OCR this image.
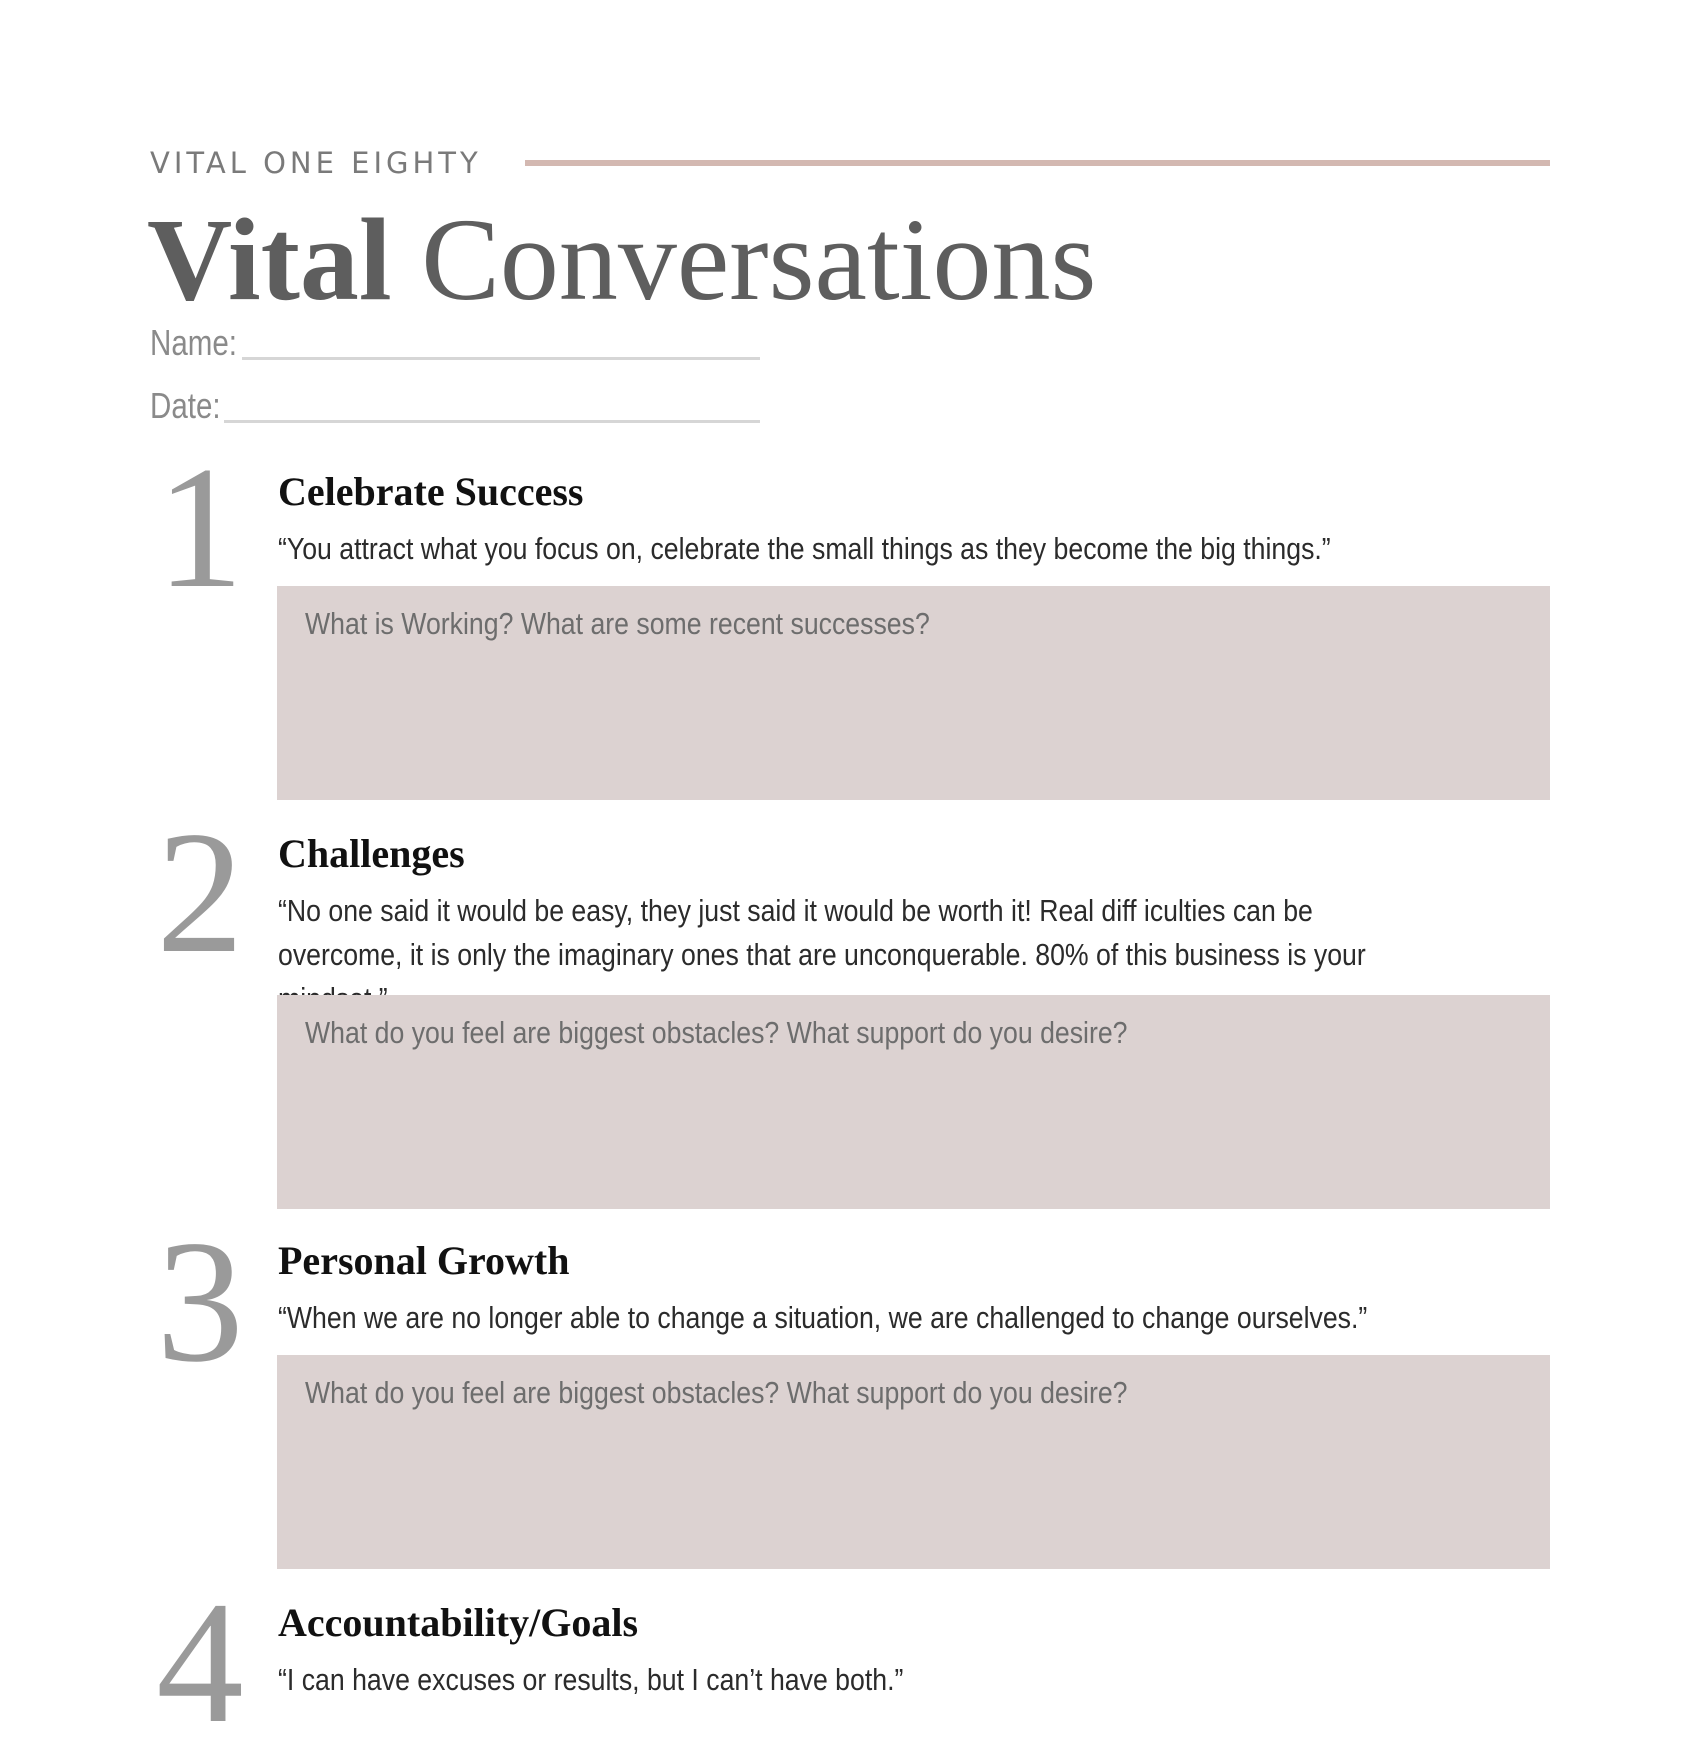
VITAL ONE EIGHTY
Vital Conversations
Name:
Date:
1 Celebrate Success
“You attract what you focus on, celebrate the small things as they become the big things.”
What is Working? What are some recent successes?
2 Challenges
“No one said it would be easy, they just said it would be worth it! Real diff iculties can be overcome, it is only the imaginary ones that are unconquerable. 80% of this business is your
What do you feel are biggest obstacles? What support do you desire?
3 Personal Growth
“When we are no longer able to change a situation, we are challenged to change ourselves.”
What do you feel are biggest obstacles? What support do you desire?
4 Accountability/Goals
“I can have excuses or results, but I can’t have both.”
